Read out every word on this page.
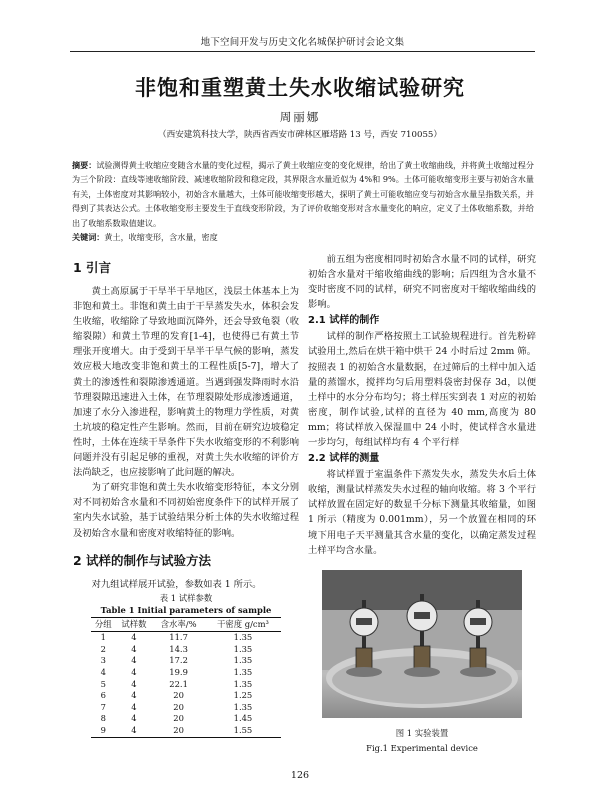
地下空间开发与历史文化名城保护研讨会论文集
非饱和重塑黄土失水收缩试验研究
周丽娜
（西安建筑科技大学，陕西省西安市碑林区雁塔路 13 号，西安 710055）
摘要：试验测得黄土收缩应变随含水量的变化过程，揭示了黄土收缩应变的变化规律，给出了黄土收缩曲线，并将黄土收缩过程分为三个阶段：直线等速收缩阶段、减速收缩阶段和稳定段，其界限含水量近似为 4%和 9%。土体可能收缩变形主要与初始含水量有关，土体密度对其影响较小，初始含水量越大，土体可能收缩变形越大，探明了黄土可能收缩应变与初始含水量呈指数关系，并得到了其表达公式。土体收缩变形主要发生于直线变形阶段，为了评价收缩变形对含水量变化的响应，定义了土体收缩系数，并给出了收缩系数取值建议。
关键词：黄土，收缩变形，含水量，密度
1 引言

黄土高原属于干旱半干旱地区，浅层土体基本上为非饱和黄土。非饱和黄土由于干旱蒸发失水，体积会发生收缩，收缩除了导致地面沉降外，还会导致龟裂（收缩裂隙）和黄土节理的发育[1-4]，也使得已有黄土节理张开度增大。由于受到干旱半干旱气候的影响，蒸发效应极大地改变非饱和黄土的工程性质[5-7]，增大了黄土的渗透性和裂隙渗透通道。当遇到强发降雨时水沿节理裂隙迅速进入土体，在节理裂隙处形成渗透通道，加速了水分入渗进程，影响黄土的物理力学性质，对黄土坑坡的稳定性产生影响。然而，目前在研究边坡稳定性时，土体在连续干旱条件下失水收缩变形的不利影响问题并没有引起足够的重视，对黄土失水收缩的评价方法尚缺乏，也应接影响了此问题的解决。

为了研究非饱和黄土失水收缩变形特征，本文分别对不同初始含水量和不同初始密度条件下的试样开展了室内失水试验，基于试验结果分析土体的失水收缩过程及初始含水量和密度对收缩特征的影响。

2 试样的制作与试验方法

对九组试样展开试验，参数如表 1 所示。

表 1 试样参数
Table 1 Initial parameters of sample
分组	试样数	含水率/%	干密度 g/cm³
1	4	11.7	1.35
2	4	14.3	1.35
3	4	17.2	1.35
4	4	19.9	1.35
5	4	22.1	1.35
6	4	20	1.25
7	4	20	1.35
8	4	20	1.45
9	4	20	1.55

前五组为密度相同时初始含水量不同的试样，研究初始含水量对干缩收缩曲线的影响；后四组为含水量不变时密度不同的试样，研究不同密度对干缩收缩曲线的影响。

2.1 试样的制作

试样的制作严格按照土工试验规程进行。首先粉碎试验用土,然后在烘干箱中烘干 24 小时后过 2mm 筛。按照表 1 的初始含水量数据，在过筛后的土样中加入适量的蒸馏水，搅拌均匀后用塑料袋密封保存 3d，以便土样中的水分分布均匀；将土样压实到表 1 对应的初始密度，制作试验,试样的直径为 40 mm,高度为 80 mm；将试样放入保湿皿中 24 小时，使试样含水量进一步均匀，每组试样均有 4 个平行样

2.2 试样的测量

将试样置于室温条件下蒸发失水，蒸发失水后土体收缩，测量试样蒸发失水过程的轴向收缩。将 3 个平行试样放置在固定好的数显千分标下测量其收缩量，如图 1 所示（精度为 0.001mm），另一个放置在相同的环境下用电子天平测量其含水量的变化，以确定蒸发过程土样平均含水量。

图 1 实验装置
Fig.1 Experimental device
126
